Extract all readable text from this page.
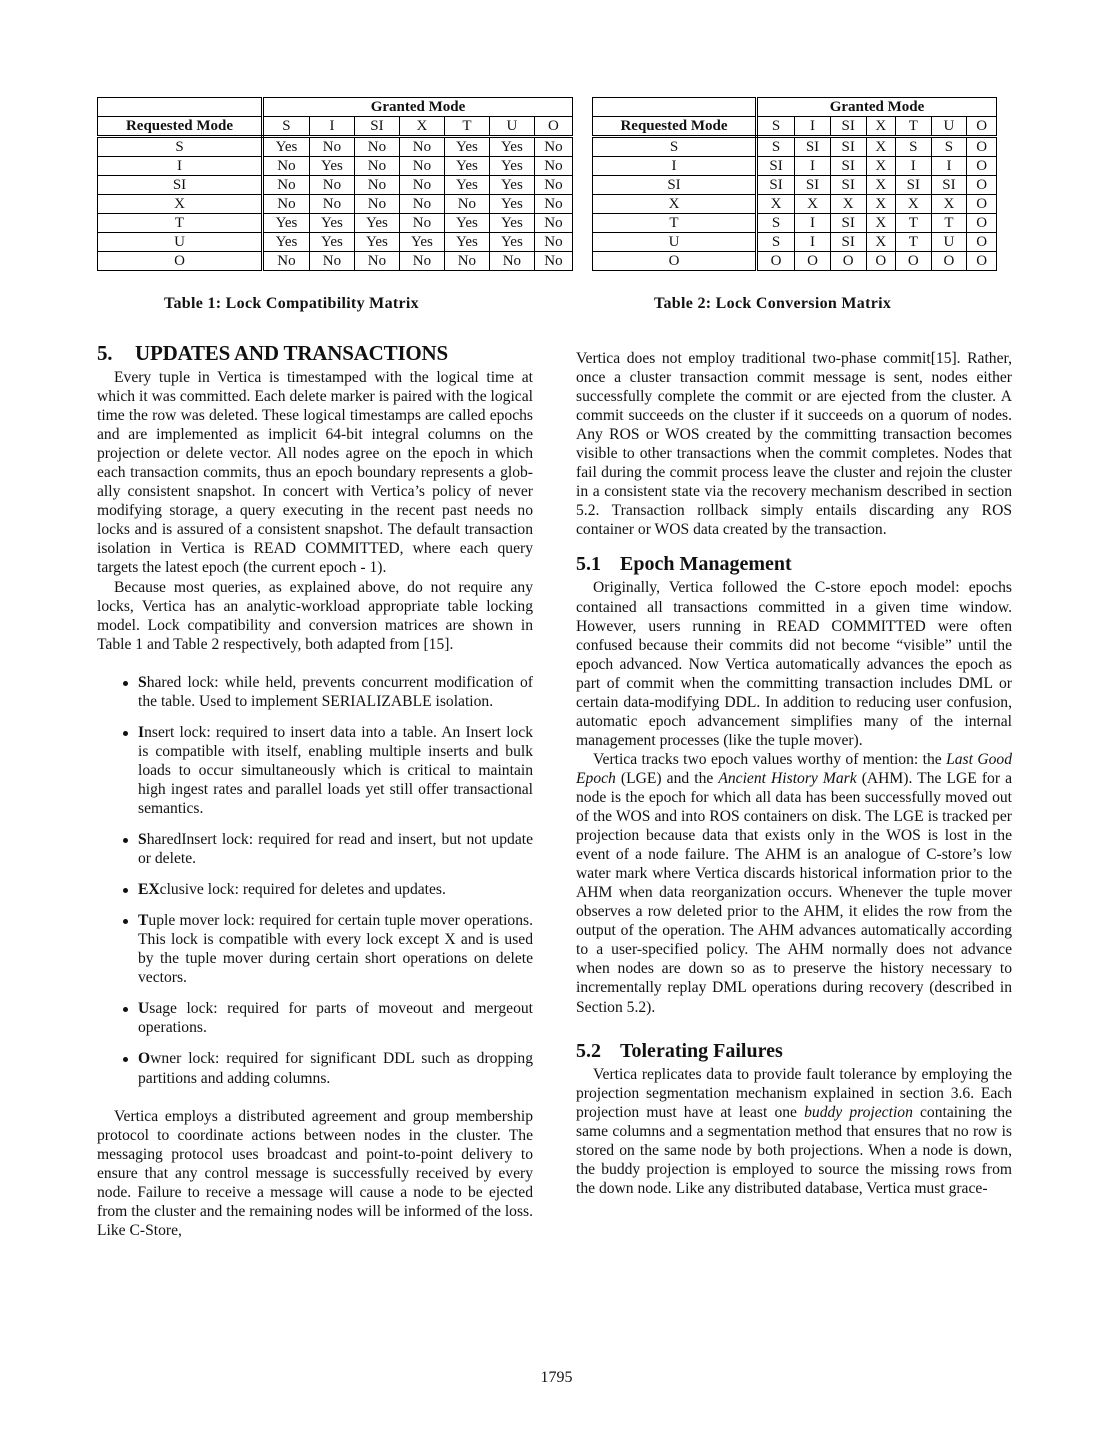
	Granted Mode						
Requested Mode	S	I	SI	X	T	U	O
S	Yes	No	No	No	Yes	Yes	No
I	No	Yes	No	No	Yes	Yes	No
SI	No	No	No	No	Yes	Yes	No
X	No	No	No	No	No	Yes	No
T	Yes	Yes	Yes	No	Yes	Yes	No
U	Yes	Yes	Yes	Yes	Yes	Yes	No
O	No	No	No	No	No	No	No
Table 1: Lock Compatibility Matrix
	Granted Mode						
Requested Mode	S	I	SI	X	T	U	O
S	S	SI	SI	X	S	S	O
I	SI	I	SI	X	I	I	O
SI	SI	SI	SI	X	SI	SI	O
X	X	X	X	X	X	X	O
T	S	I	SI	X	T	T	O
U	S	I	SI	X	T	U	O
O	O	O	O	O	O	O	O
Table 2: Lock Conversion Matrix
5. UPDATES AND TRANSACTIONS

Every tuple in Vertica is timestamped with the logical time at which it was committed. Each delete marker is paired with the logical time the row was deleted. These logical timestamps are called epochs and are implemented as implicit 64-bit integral columns on the projection or delete vector. All nodes agree on the epoch in which each transaction commits, thus an epoch boundary represents a globally consistent snapshot. In concert with Vertica’s policy of never modifying storage, a query executing in the recent past needs no locks and is assured of a consistent snapshot. The default transaction isolation in Vertica is READ COMMITTED, where each query targets the latest epoch (the current epoch - 1).

Because most queries, as explained above, do not require any locks, Vertica has an analytic-workload appropriate table locking model. Lock compatibility and conversion matrices are shown in Table 1 and Table 2 respectively, both adapted from [15].

Shared lock: while held, prevents concurrent modification of the table. Used to implement SERIALIZABLE isolation.
Insert lock: required to insert data into a table. An Insert lock is compatible with itself, enabling multiple inserts and bulk loads to occur simultaneously which is critical to maintain high ingest rates and parallel loads yet still offer transactional semantics.
SharedInsert lock: required for read and insert, but not update or delete.
EXclusive lock: required for deletes and updates.
Tuple mover lock: required for certain tuple mover operations. This lock is compatible with every lock except X and is used by the tuple mover during certain short operations on delete vectors.
Usage lock: required for parts of moveout and mergeout operations.
Owner lock: required for significant DDL such as dropping partitions and adding columns.

Vertica employs a distributed agreement and group membership protocol to coordinate actions between nodes in the cluster. The messaging protocol uses broadcast and point-to-point delivery to ensure that any control message is successfully received by every node. Failure to receive a message will cause a node to be ejected from the cluster and the remaining nodes will be informed of the loss. Like C-Store,

Vertica does not employ traditional two-phase commit[15]. Rather, once a cluster transaction commit message is sent, nodes either successfully complete the commit or are ejected from the cluster. A commit succeeds on the cluster if it succeeds on a quorum of nodes. Any ROS or WOS created by the committing transaction becomes visible to other transactions when the commit completes. Nodes that fail during the commit process leave the cluster and rejoin the cluster in a consistent state via the recovery mechanism described in section 5.2. Transaction rollback simply entails discarding any ROS container or WOS data created by the transaction.

5.1 Epoch Management

Originally, Vertica followed the C-store epoch model: epochs contained all transactions committed in a given time window. However, users running in READ COMMITTED were often confused because their commits did not become “visible” until the epoch advanced. Now Vertica automatically advances the epoch as part of commit when the committing transaction includes DML or certain data-modifying DDL. In addition to reducing user confusion, automatic epoch advancement simplifies many of the internal management processes (like the tuple mover).

Vertica tracks two epoch values worthy of mention: the Last Good Epoch (LGE) and the Ancient History Mark (AHM). The LGE for a node is the epoch for which all data has been successfully moved out of the WOS and into ROS containers on disk. The LGE is tracked per projection because data that exists only in the WOS is lost in the event of a node failure. The AHM is an analogue of C-store’s low water mark where Vertica discards historical information prior to the AHM when data reorganization occurs. Whenever the tuple mover observes a row deleted prior to the AHM, it elides the row from the output of the operation. The AHM advances automatically according to a user-specified policy. The AHM normally does not advance when nodes are down so as to preserve the history necessary to incrementally replay DML operations during recovery (described in Section 5.2).

5.2 Tolerating Failures

Vertica replicates data to provide fault tolerance by employing the projection segmentation mechanism explained in section 3.6. Each projection must have at least one buddy projection containing the same columns and a segmentation method that ensures that no row is stored on the same node by both projections. When a node is down, the buddy projection is employed to source the missing rows from the down node. Like any distributed database, Vertica must grace-

1795
